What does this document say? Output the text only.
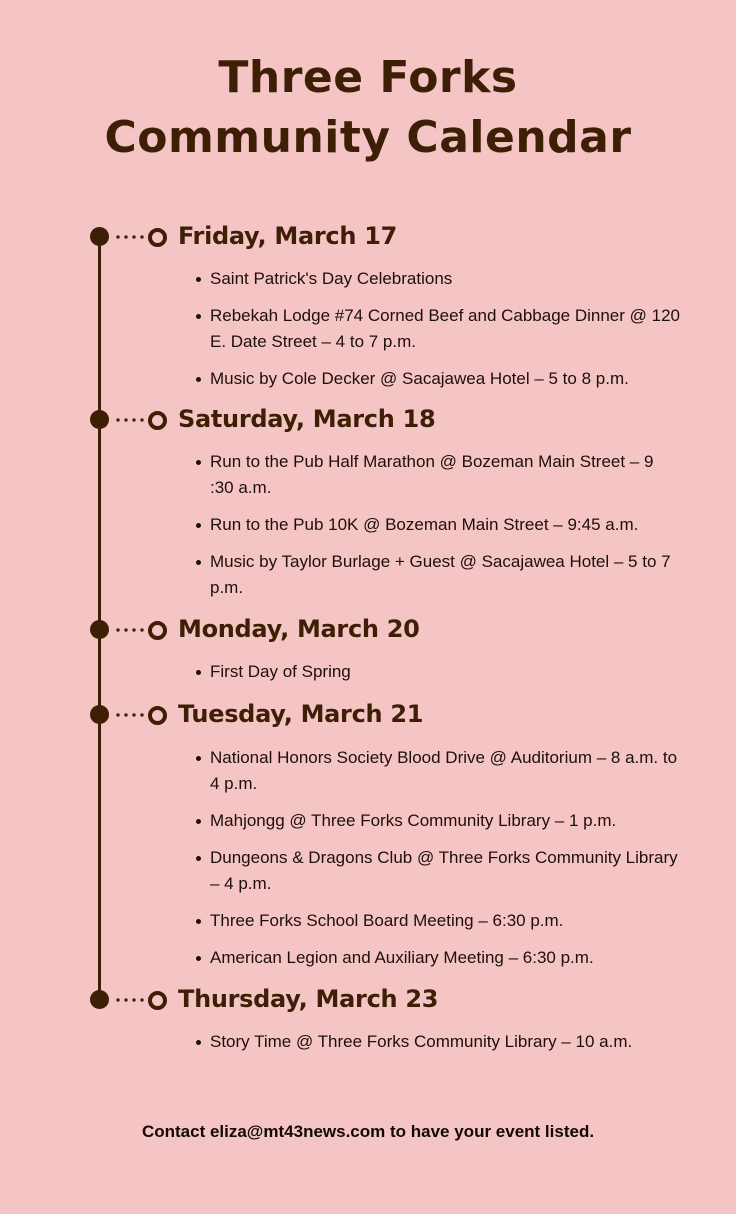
Three Forks
Community Calendar
Friday, March 17
Saint Patrick's Day Celebrations
Rebekah Lodge #74 Corned Beef and Cabbage Dinner @ 120 E. Date Street – 4 to 7 p.m.
Music by Cole Decker @ Sacajawea Hotel – 5 to 8 p.m.
Saturday, March 18
Run to the Pub Half Marathon @ Bozeman Main Street – 9 :30 a.m.
Run to the Pub 10K @ Bozeman Main Street – 9:45 a.m.
Music by Taylor Burlage + Guest @ Sacajawea Hotel – 5 to 7 p.m.
Monday, March 20
First Day of Spring
Tuesday, March 21
National Honors Society Blood Drive @ Auditorium – 8 a.m. to 4 p.m.
Mahjongg @ Three Forks Community Library – 1 p.m.
Dungeons & Dragons Club @ Three Forks Community Library – 4 p.m.
Three Forks School Board Meeting – 6:30 p.m.
American Legion and Auxiliary Meeting – 6:30 p.m.
Thursday, March 23
Story Time @ Three Forks Community Library – 10 a.m.

Contact eliza@mt43news.com to have your event listed.
